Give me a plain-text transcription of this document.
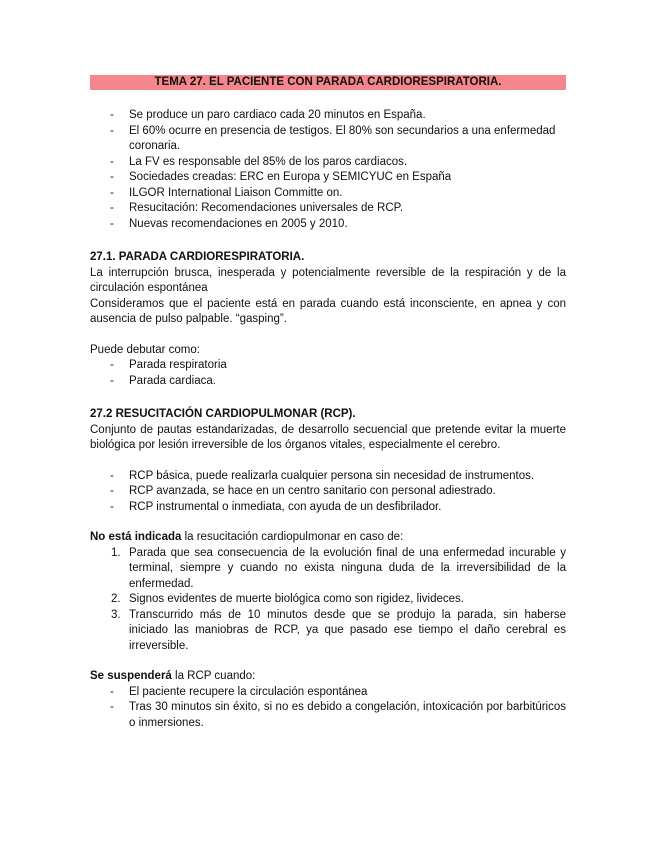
TEMA 27. EL PACIENTE CON PARADA CARDIORESPIRATORIA.
- Se produce un paro cardiaco cada 20 minutos en España.
- El 60% ocurre en presencia de testigos. El 80% son secundarios a una enfermedad coronaria.
- La FV es responsable del 85% de los paros cardiacos.
- Sociedades creadas: ERC en Europa y SEMICYUC en España
- ILGOR International Liaison Committe on.
- Resucitación: Recomendaciones universales de RCP.
- Nuevas recomendaciones en 2005 y 2010.
27.1. PARADA CARDIORESPIRATORIA.

La interrupción brusca, inesperada y potencialmente reversible de la respiración y de la circulación espontánea

Consideramos que el paciente está en parada cuando está inconsciente, en apnea y con ausencia de pulso palpable. “gasping”.

Puede debutar como:

- Parada respiratoria
- Parada cardiaca.
27.2 RESUCITACIÓN CARDIOPULMONAR (RCP).

Conjunto de pautas estandarizadas, de desarrollo secuencial que pretende evitar la muerte biológica por lesión irreversible de los órganos vitales, especialmente el cerebro.

- RCP básica, puede realizarla cualquier persona sin necesidad de instrumentos.
- RCP avanzada, se hace en un centro sanitario con personal adiestrado.
- RCP instrumental o inmediata, con ayuda de un desfibrilador.

No está indicada la resucitación cardiopulmonar en caso de:

1. Parada que sea consecuencia de la evolución final de una enfermedad incurable y terminal, siempre y cuando no exista ninguna duda de la irreversibilidad de la enfermedad.
2. Signos evidentes de muerte biológica como son rigidez, livideces.
3. Transcurrido más de 10 minutos desde que se produjo la parada, sin haberse iniciado las maniobras de RCP, ya que pasado ese tiempo el daño cerebral es irreversible.

Se suspenderá la RCP cuando:

- El paciente recupere la circulación espontánea
- Tras 30 minutos sin éxito, si no es debido a congelación, intoxicación por barbitúricos o inmersiones.
